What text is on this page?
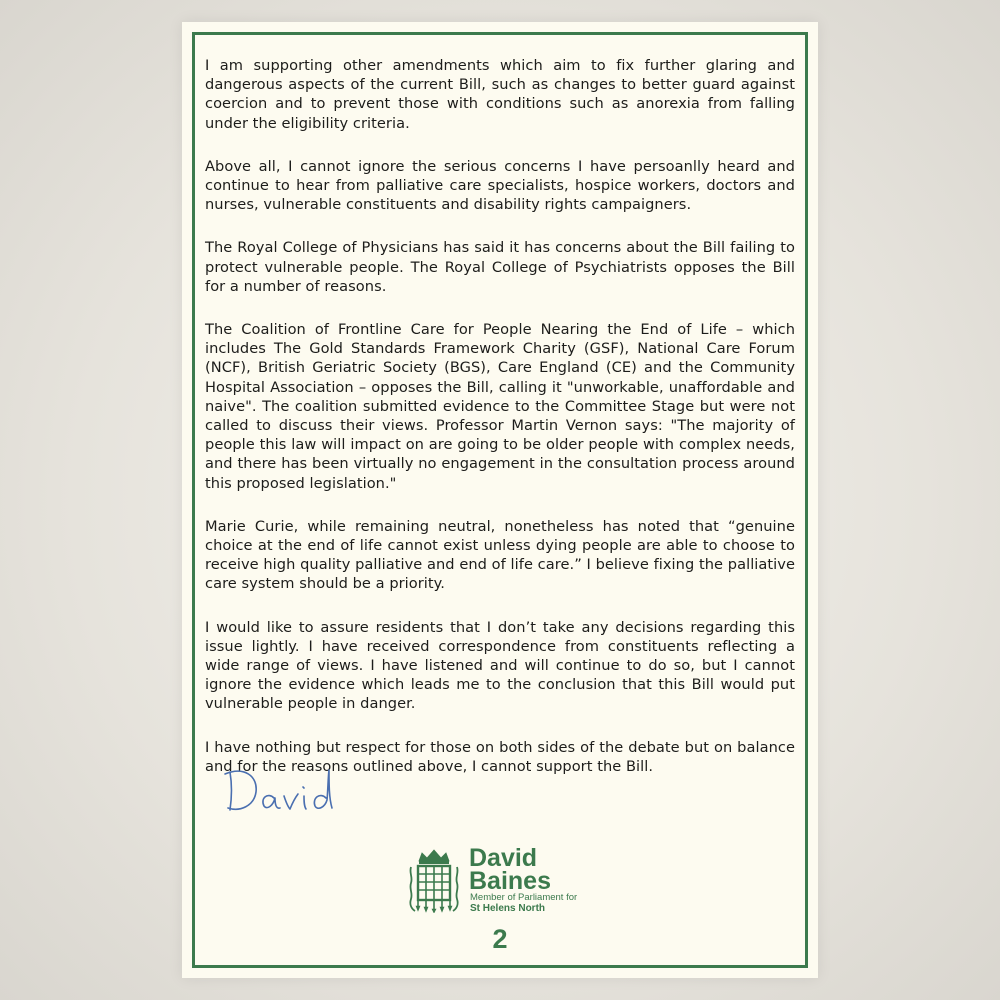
I am supporting other amendments which aim to fix further glaring and dangerous aspects of the current Bill, such as changes to better guard against coercion and to prevent those with conditions such as anorexia from falling under the eligibility criteria.

Above all, I cannot ignore the serious concerns I have persoanlly heard and continue to hear from palliative care specialists, hospice workers, doctors and nurses, vulnerable constituents and disability rights campaigners.

The Royal College of Physicians has said it has concerns about the Bill failing to protect vulnerable people. The Royal College of Psychiatrists opposes the Bill for a number of reasons.

The Coalition of Frontline Care for People Nearing the End of Life – which includes The Gold Standards Framework Charity (GSF), National Care Forum (NCF), British Geriatric Society (BGS), Care England (CE) and the Community Hospital Association – opposes the Bill, calling it "unworkable, unaffordable and naive". The coalition submitted evidence to the Committee Stage but were not called to discuss their views. Professor Martin Vernon says: "The majority of people this law will impact on are going to be older people with complex needs, and there has been virtually no engagement in the consultation process around this proposed legislation."

Marie Curie, while remaining neutral, nonetheless has noted that “genuine choice at the end of life cannot exist unless dying people are able to choose to receive high quality palliative and end of life care.” I believe fixing the palliative care system should be a priority.

I would like to assure residents that I don’t take any decisions regarding this issue lightly. I have received correspondence from constituents reflecting a wide range of views. I have listened and will continue to do so, but I cannot ignore the evidence which leads me to the conclusion that this Bill would put vulnerable people in danger.

I have nothing but respect for those on both sides of the debate but on balance and for the reasons outlined above, I cannot support the Bill.

David
Baines
Member of Parliament for
St Helens North
2
